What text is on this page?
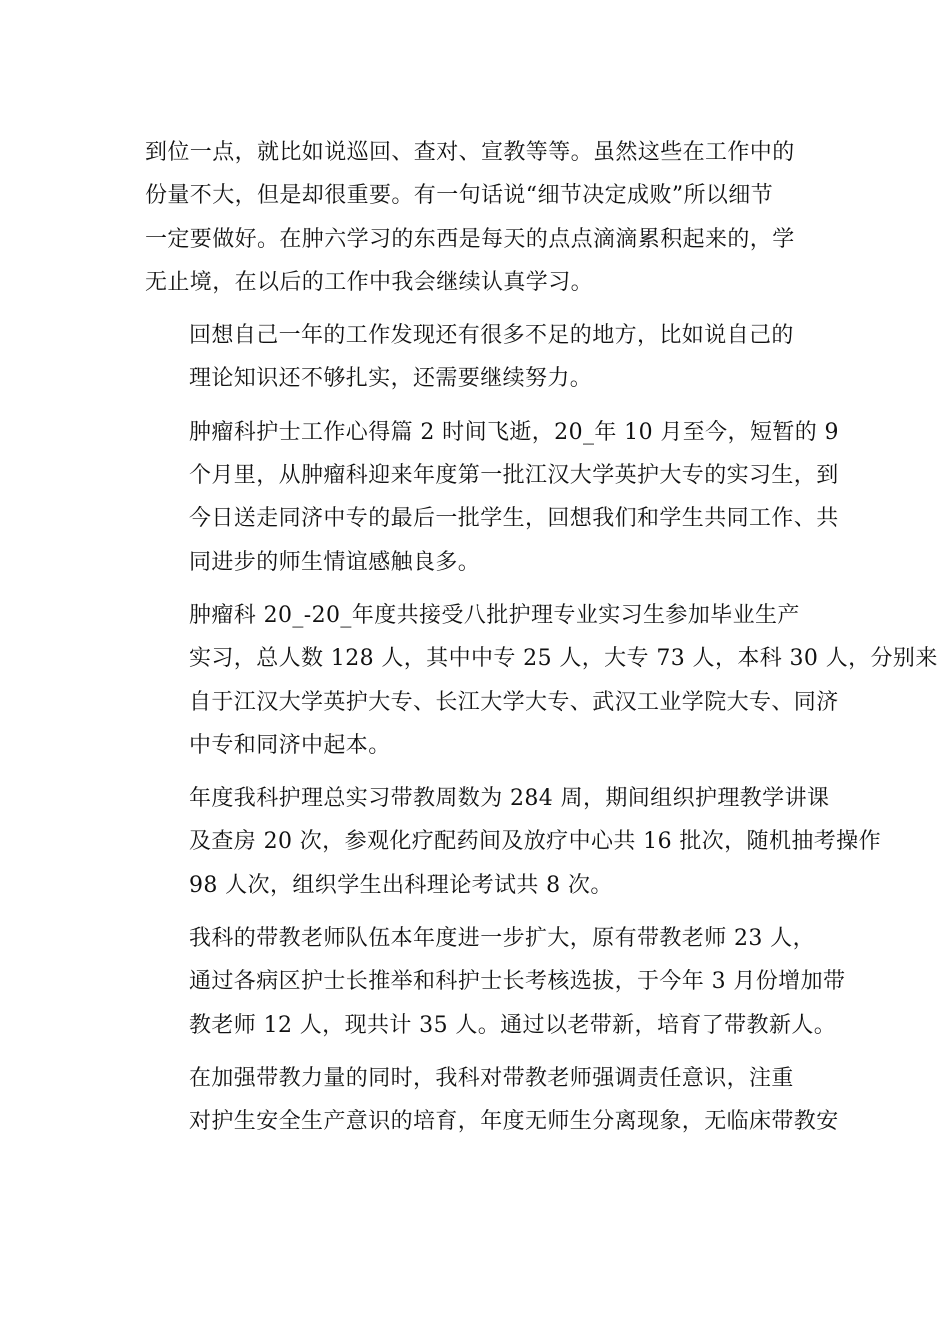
到位一点，就比如说巡回、查对、宣教等等。虽然这些在工作中的
份量不大，但是却很重要。有一句话说“细节决定成败”所以细节
一定要做好。在肿六学习的东西是每天的点点滴滴累积起来的，学
无止境，在以后的工作中我会继续认真学习。

回想自己一年的工作发现还有很多不足的地方，比如说自己的
理论知识还不够扎实，还需要继续努力。

肿瘤科护士工作心得篇 2 时间飞逝，20_年 10 月至今，短暂的 9
个月里，从肿瘤科迎来年度第一批江汉大学英护大专的实习生，到
今日送走同济中专的最后一批学生，回想我们和学生共同工作、共
同进步的师生情谊感触良多。

肿瘤科 20_-20_年度共接受八批护理专业实习生参加毕业生产
实习，总人数 128 人，其中中专 25 人，大专 73 人，本科 30 人，分别来
自于江汉大学英护大专、长江大学大专、武汉工业学院大专、同济
中专和同济中起本。

年度我科护理总实习带教周数为 284 周，期间组织护理教学讲课
及查房 20 次，参观化疗配药间及放疗中心共 16 批次，随机抽考操作
98 人次，组织学生出科理论考试共 8 次。

我科的带教老师队伍本年度进一步扩大，原有带教老师 23 人，
通过各病区护士长推举和科护士长考核选拔，于今年 3 月份增加带
教老师 12 人，现共计 35 人。通过以老带新，培育了带教新人。

在加强带教力量的同时，我科对带教老师强调责任意识，注重
对护生安全生产意识的培育，年度无师生分离现象，无临床带教安
